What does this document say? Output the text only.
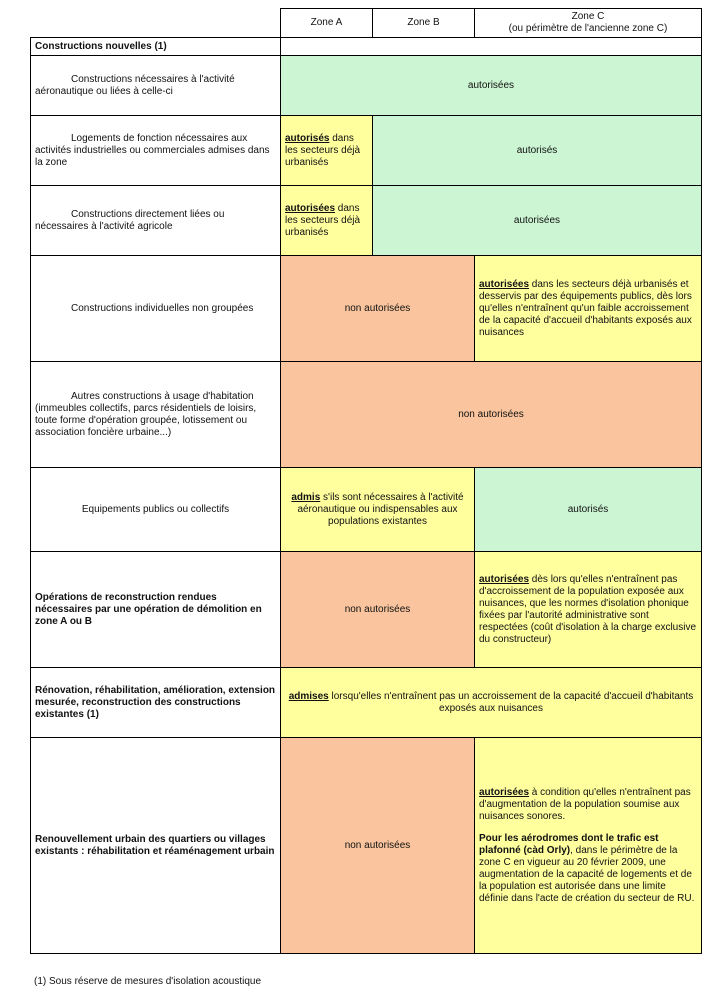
	Zone A	Zone B	Zone C
(ou périmètre de l'ancienne zone C)

Constructions nouvelles (1)			
Constructions nécessaires à l'activité aéronautique ou liées à celle-ci	autorisées		
Logements de fonction nécessaires aux activités industrielles ou commerciales admises dans la zone	autorisés dans les secteurs déjà urbanisés	autorisés	
Constructions directement liées ou nécessaires à l'activité agricole	autorisées dans les secteurs déjà urbanisés	autorisées	
Constructions individuelles non groupées	non autorisées		autorisées dans les secteurs déjà urbanisés et desservis par des équipements publics, dès lors qu'elles n'entraînent qu'un faible accroissement de la capacité d'accueil d'habitants exposés aux nuisances
Autres constructions à usage d'habitation (immeubles collectifs, parcs résidentiels de loisirs, toute forme d'opération groupée, lotissement ou association foncière urbaine...)	non autorisées		
Equipements publics ou collectifs	admis s'ils sont nécessaires à l'activité aéronautique ou indispensables aux populations existantes		autorisés
Opérations de reconstruction rendues nécessaires par une opération de démolition en zone A ou B	non autorisées		autorisées dès lors qu'elles n'entraînent pas d'accroissement de la population exposée aux nuisances, que les normes d'isolation phonique fixées par l'autorité administrative sont respectées (coût d'isolation à la charge exclusive du constructeur)
Rénovation, réhabilitation, amélioration, extension mesurée, reconstruction des constructions existantes (1)	admises lorsqu'elles n'entraînent pas un accroissement de la capacité d'accueil d'habitants exposés aux nuisances		
Renouvellement urbain des quartiers ou villages existants : réhabilitation et réaménagement urbain	non autorisées		autorisées à condition qu'elles n'entraînent pas d'augmentation de la population soumise aux nuisances sonores.
Pour les aérodromes dont le trafic est plafonné (càd Orly), dans le périmètre de la zone C en vigueur au 20 février 2009, une augmentation de la capacité de logements et de la population est autorisée dans une limite définie dans l'acte de création du secteur de RU.
(1) Sous réserve de mesures d'isolation acoustique
